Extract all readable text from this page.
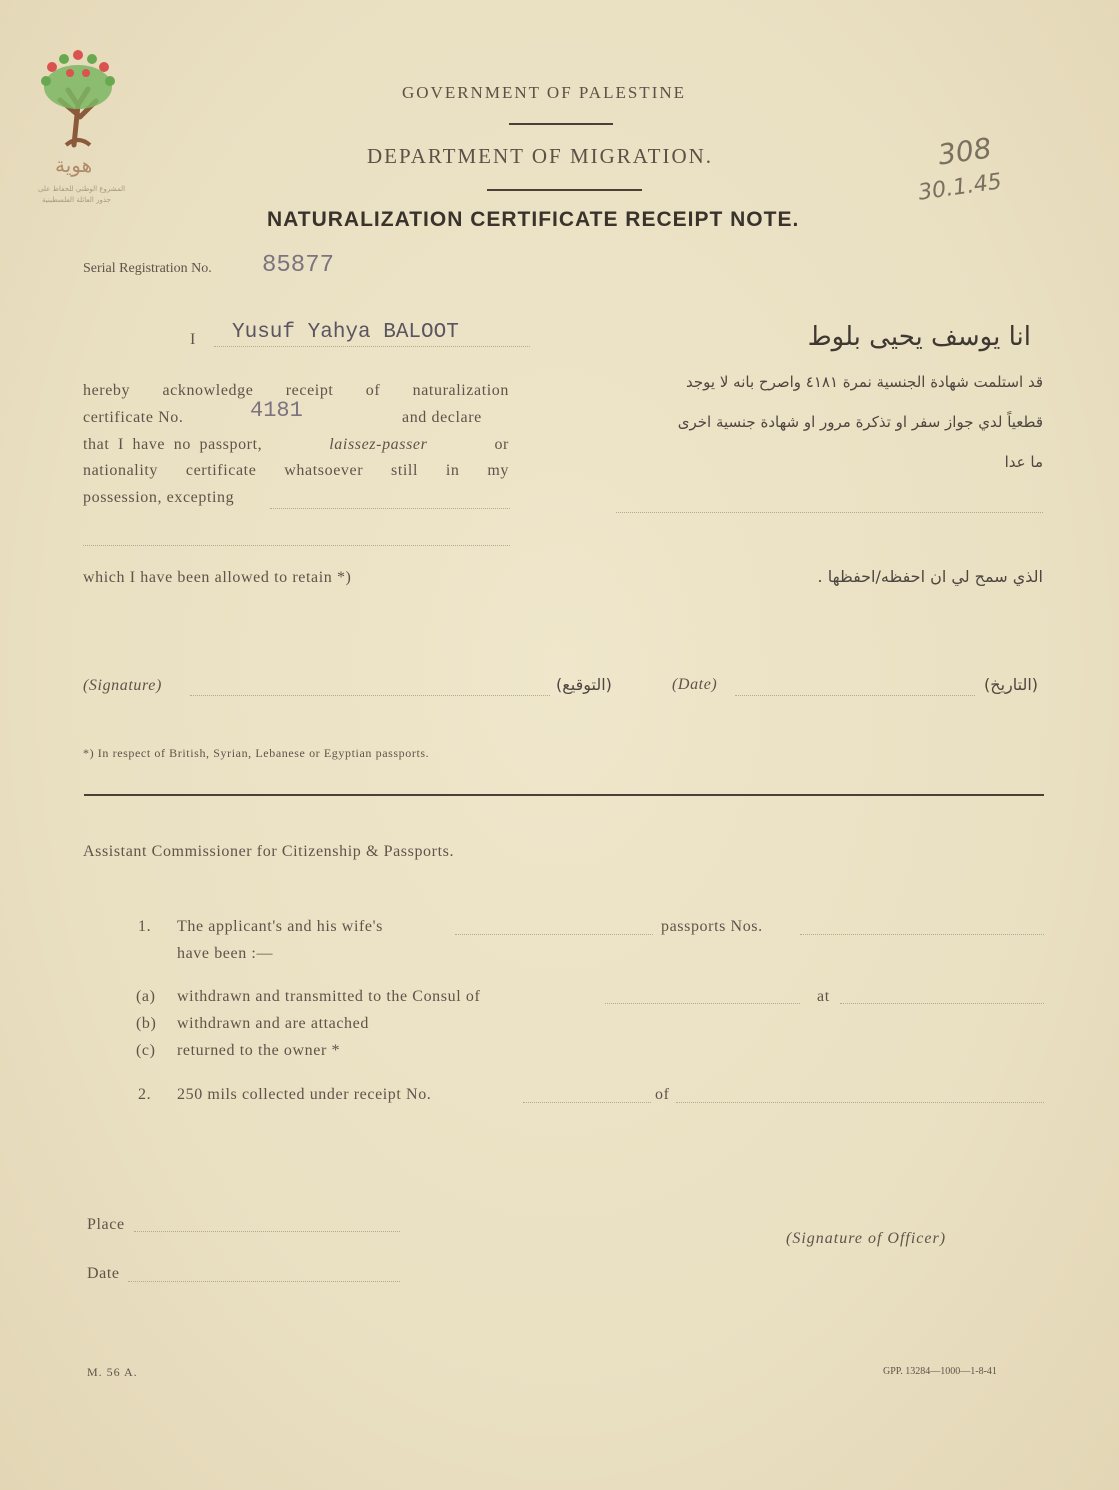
هوية
المشروع الوطني للحفاظ على
جذور العائلة الفلسطينية
GOVERNMENT OF PALESTINE
DEPARTMENT OF MIGRATION.
NATURALIZATION CERTIFICATE RECEIPT NOTE.
308
30.1.45
Serial Registration No. 85877
I Yusuf Yahya BALOOT
hereby acknowledge receipt of naturalization
certificate No.	4181	and declare
that I have no passport,	laissez-passer	or
nationality certificate whatsoever still in my
possession, excepting
which I have been allowed to retain *)
انا يوسف يحيى بلوط
قد استلمت شهادة الجنسية نمرة ٤١٨١ واصرح بانه لا يوجد
قطعياً لدي جواز سفر او تذكرة مرور او شهادة جنسية اخرى
ما عدا
الذي سمح لي ان احفظه/احفظها .
(Signature)	(التوقيع)	(Date)	(التاريخ)
*) In respect of British, Syrian, Lebanese or Egyptian passports.
Assistant Commissioner for Citizenship & Passports.
1. The applicant's and his wife's	passports Nos.
have been :—
(a) withdrawn and transmitted to the Consul of	at
(b) withdrawn and are attached
(c) returned to the owner *
2. 250 mils collected under receipt No.	of
Place
(Signature of Officer)
Date
M. 56 A.	GPP. 13284—1000—1-8-41
